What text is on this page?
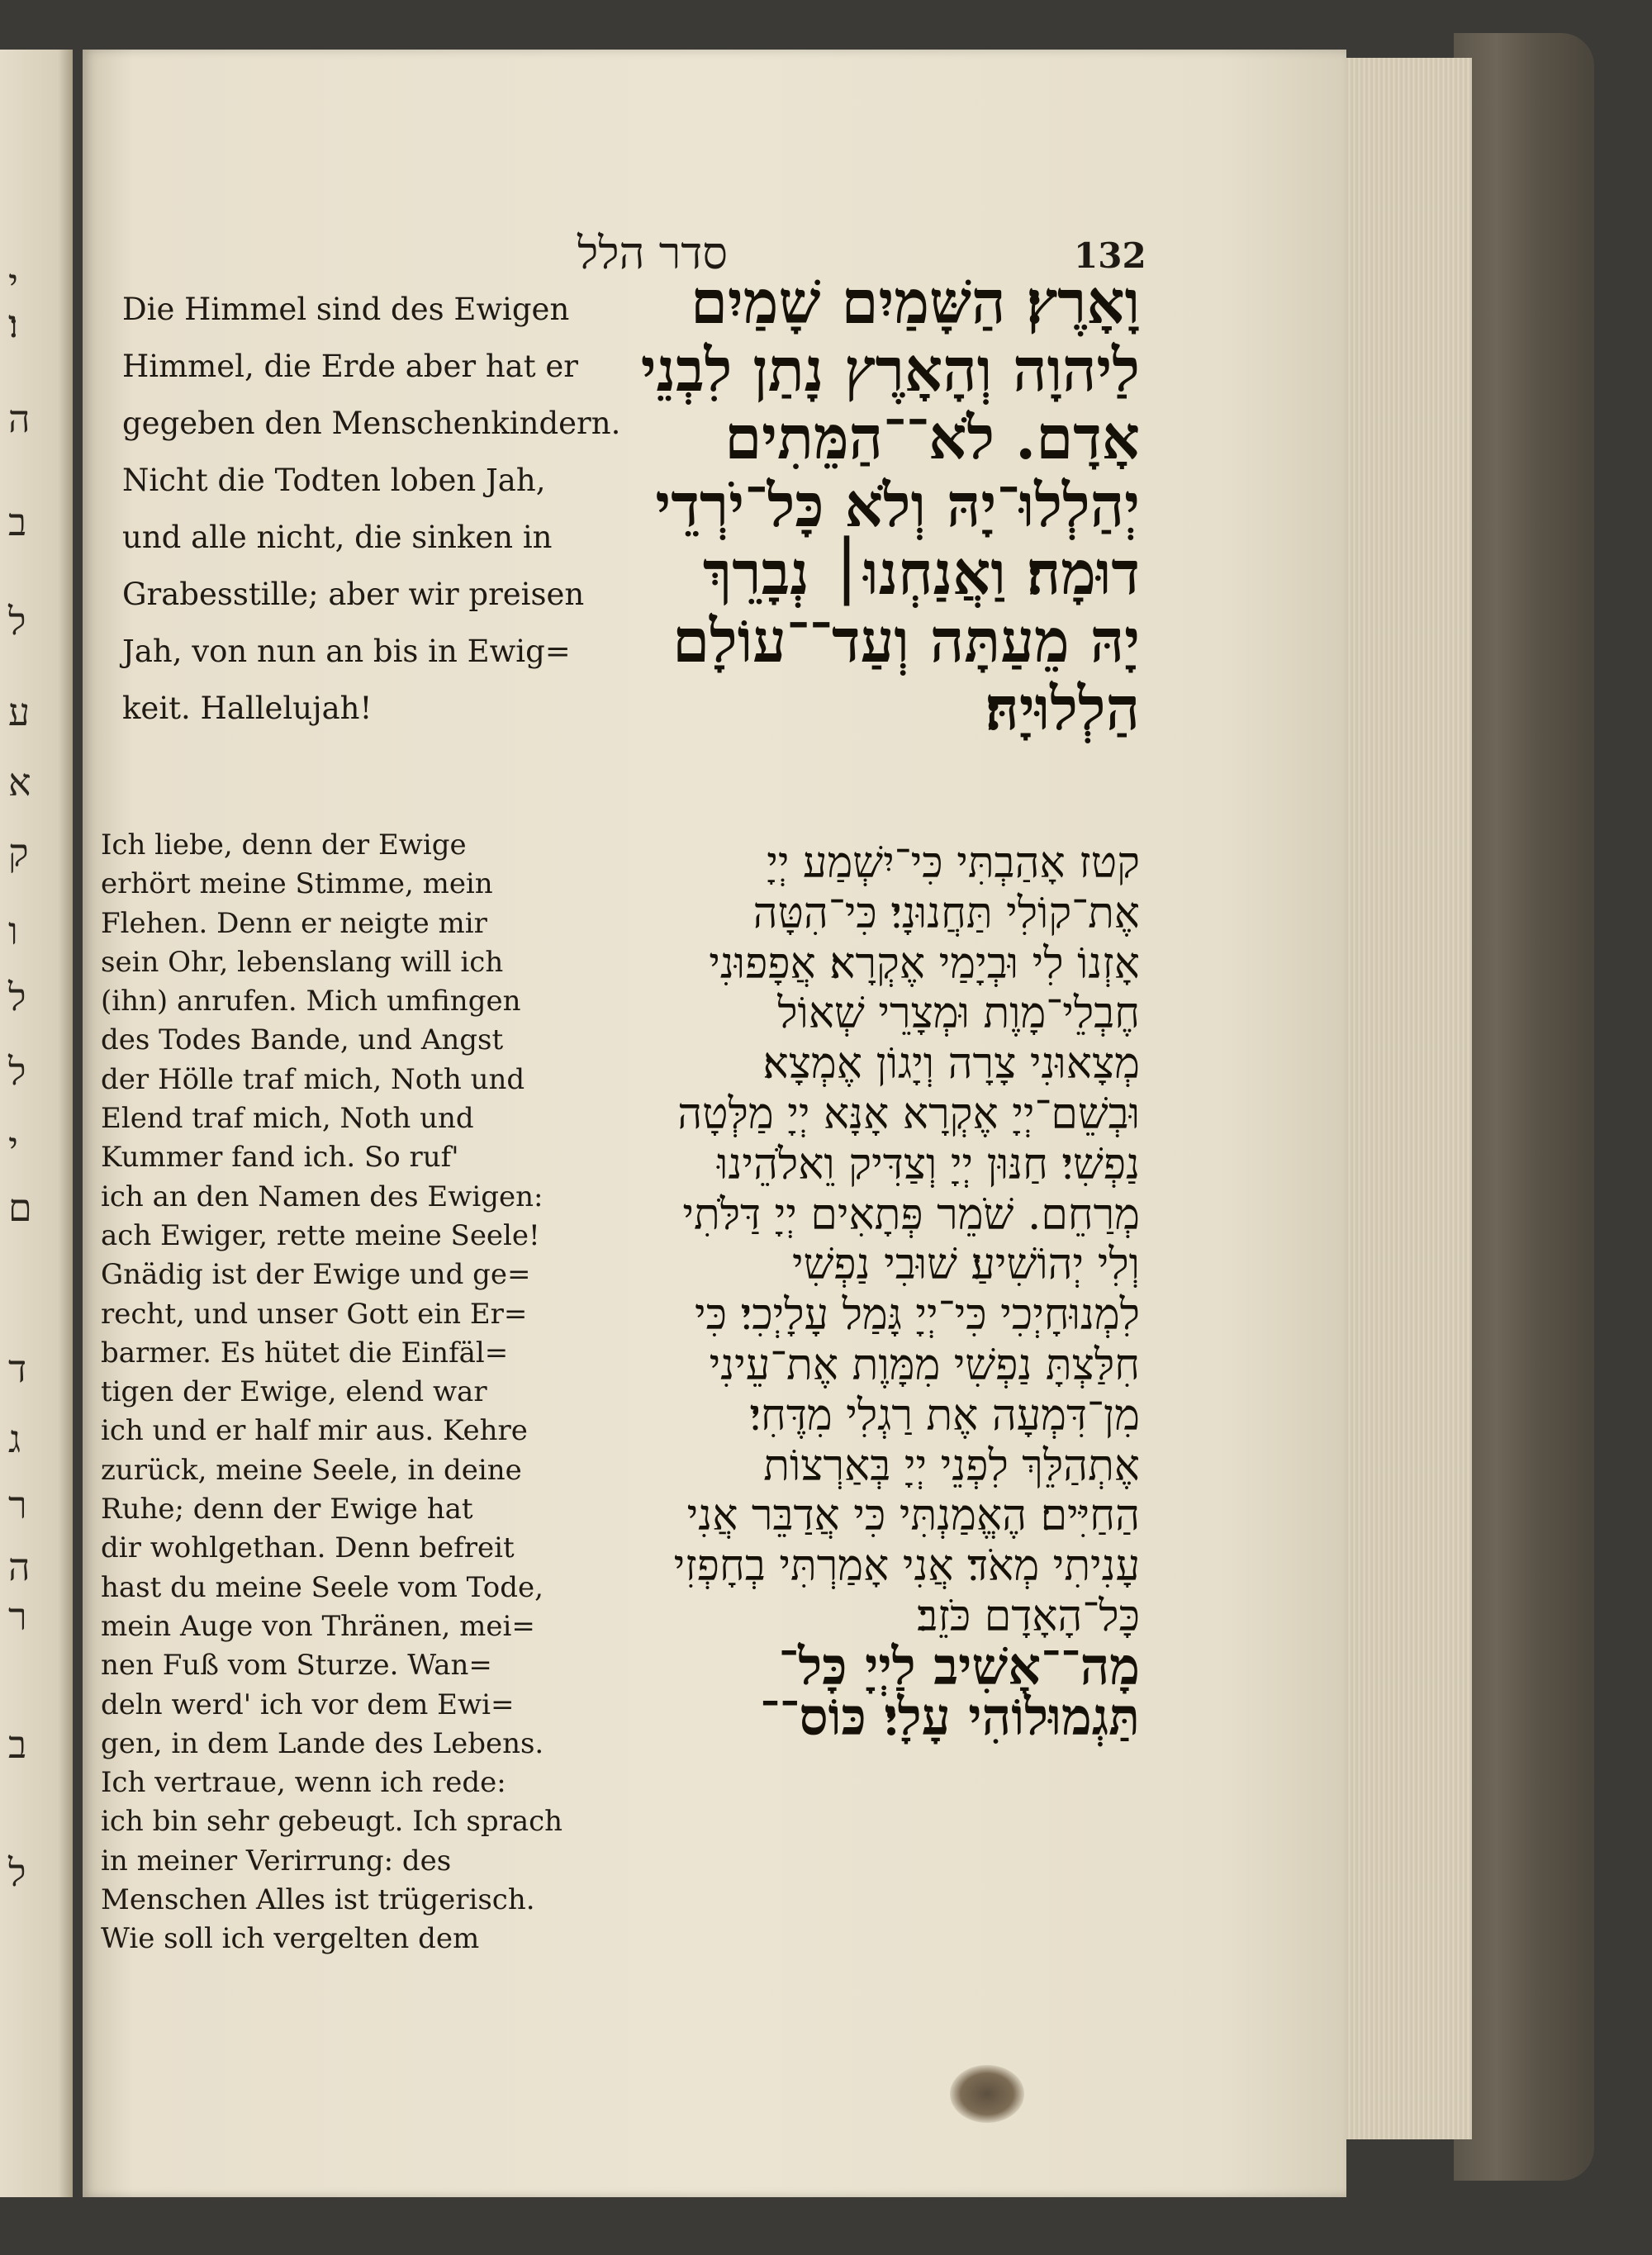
י
ו׃
ה
ב
ל
ע
א
ק
ו
ל
ל
י
ם
ד
ג
ר
ה
ר
ב
ל
סדר הלל	132
Die Himmel sind des Ewigen
Himmel, die Erde aber hat er
gegeben den Menschenkindern.
Nicht die Todten loben Jah,
und alle nicht, die sinken in
Grabesstille; aber wir preisen
Jah, von nun an bis in Ewig=
keit. Hallelujah!
וָאָרֶץ׃ הַשָּׁמַיִם שָׁמַיִם
לַיהוָה וְהָאָרֶץ נָתַן לִבְנֵי
אָדָם. לֹא־־הַמֵּתִים
יְהַלְלוּ־יָהּ וְלֹא כָּל־יֹרְדֵי
דוּמָה׃ וַאֲנַחְנוּ׀ נְבָרֵךְ
יָהּ מֵעַתָּה וְעַד־־עוֹלָם
הַלְלוּיָהּ׃
Ich liebe, denn der Ewige
erhört meine Stimme, mein
Flehen. Denn er neigte mir
sein Ohr, lebenslang will ich
(ihn) anrufen. Mich umfingen
des Todes Bande, und Angst
der Hölle traf mich, Noth und
Elend traf mich, Noth und
Kummer fand ich. So ruf'
ich an den Namen des Ewigen:
ach Ewiger, rette meine Seele!
Gnädig ist der Ewige und ge=
recht, und unser Gott ein Er=
barmer. Es hütet die Einfäl=
tigen der Ewige, elend war
ich und er half mir aus. Kehre
zurück, meine Seele, in deine
Ruhe; denn der Ewige hat
dir wohlgethan. Denn befreit
hast du meine Seele vom Tode,
mein Auge von Thränen, mei=
nen Fuß vom Sturze. Wan=
deln werd' ich vor dem Ewi=
gen, in dem Lande des Lebens.
Ich vertraue, wenn ich rede:
ich bin sehr gebeugt. Ich sprach
in meiner Verirrung: des
Menschen Alles ist trügerisch.
Wie soll ich vergelten dem
קטז אָהַבְתִּי כִּי־יִשְׁמַע יְיָ
אֶת־קוֹלִי תַּחֲנוּנָי׃ כִּי־הִטָּה
אָזְנוֹ לִי וּבְיָמַי אֶקְרָא׃ אֲפָפוּנִי
חֶבְלֵי־מָוֶת וּמְצָרֵי שְׁאוֹל
מְצָאוּנִי צָרָה וְיָגוֹן אֶמְצָא׃
וּבְשֵׁם־יְיָ אֶקְרָא אָנָּא יְיָ מַלְּטָה
נַפְשִׁי׃ חַנּוּן יְיָ וְצַדִּיק וֵאלֹהֵינוּ
מְרַחֵם. שֹׁמֵר פְּתָאִים יְיָ דַּלֹּתִי
וְלִי יְהוֹשִׁיעַ׃ שׁוּבִי נַפְשִׁי
לִמְנוּחָיְכִי כִּי־יְיָ גָּמַל עָלָיְכִי׃ כִּי
חִלַּצְתָּ נַפְשִׁי מִמָּוֶת אֶת־עֵינִי
מִן־דִּמְעָה אֶת רַגְלִי מִדֶּחִי׃
אֶתְהַלֵּךְ לִפְנֵי יְיָ בְּאַרְצוֹת
הַחַיִּים׃ הֶאֱמַנְתִּי כִּי אֲדַבֵּר אֲנִי
עָנִיתִי מְאֹד׃ אֲנִי אָמַרְתִּי בְחָפְזִי
כָּל־הָאָדָם כֹּזֵב׃
מָה־־אָשִׁיב לַיְיָ כָּל־
תַּגְמוּלוֹהִי עָלָי׃ כּוֹס־־
